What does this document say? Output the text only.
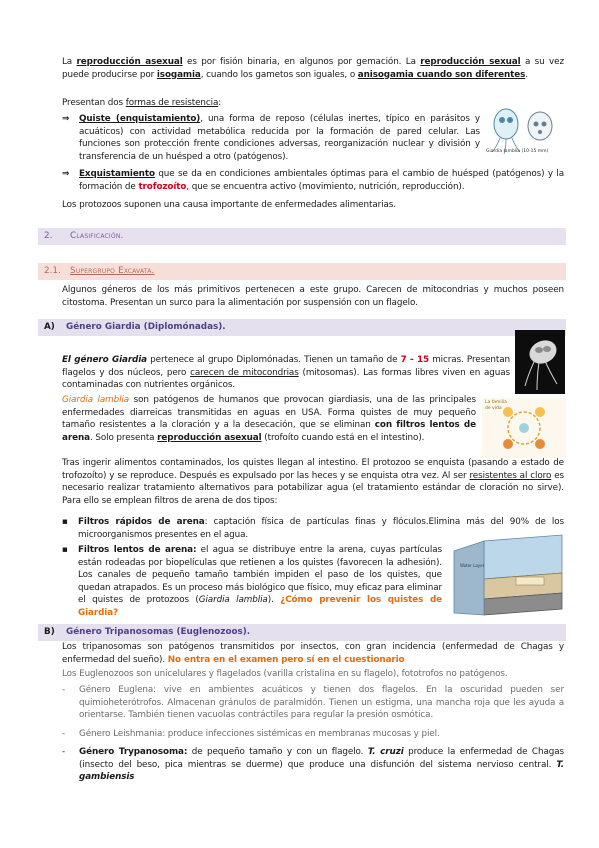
La reproducción asexual es por fisión binaria, en algunos por gemación. La reproducción sexual a su vez puede producirse por isogamia, cuando los gametos son iguales, o anisogamia cuando son diferentes.

Presentan dos formas de resistencia:

⇒ Quiste (enquistamiento), una forma de reposo (células inertes, típico en parásitos y acuáticos) con actividad metabólica reducida por la formación de pared celular. Las funciones son protección frente condiciones adversas, reorganización nuclear y división y transferencia de un huésped a otro (patógenos).

Giardia lamblia (10-15 mm)
⇒ Exquistamiento que se da en condiciones ambientales óptimas para el cambio de huésped (patógenos) y la formación de trofozoíto, que se encuentra activo (movimiento, nutrición, reproducción).

Los protozoos suponen una causa importante de enfermedades alimentarias.

2. Clasificación.
2.1. Supergrupo Excavata.

Algunos géneros de los más primitivos pertenecen a este grupo. Carecen de mitocondrias y muchos poseen citostoma. Presentan un surco para la alimentación por suspensión con un flagelo.

A) Género Giardia (Diplomónadas).

El género Giardia pertenece al grupo Diplomónadas. Tienen un tamaño de 7 - 15 micras. Presentan flagelos y dos núcleos, pero carecen de mitocondrias (mitosomas). Las formas libres viven en aguas contaminadas con nutrientes orgánicos.

Giardia lamblia son patógenos de humanos que provocan giardiasis, una de las principales enfermedades diarreicas transmitidas en aguas en USA. Forma quistes de muy pequeño tamaño resistentes a la cloración y a la desecación, que se eliminan con filtros lentos de arena. Solo presenta reproducción asexual (trofoíto cuando está en el intestino).

La familia
de vida

Tras ingerir alimentos contaminados, los quistes llegan al intestino. El protozoo se enquista (pasando a estado de trofozoíto) y se reproduce. Después es expulsado por las heces y se enquista otra vez. Al ser resistentes al cloro es necesario realizar tratamiento alternativos para potabilizar agua (el tratamiento estándar de cloración no sirve). Para ello se emplean filtros de arena de dos tipos:

▪ Filtros rápidos de arena: captación física de partículas finas y flóculos.Elimina más del 90% de los microorganismos presentes en el agua.

▪ Filtros lentos de arena: el agua se distribuye entre la arena, cuyas partículas están rodeadas por biopelículas que retienen a los quistes (favorecen la adhesión). Los canales de pequeño tamaño también impiden el paso de los quistes, que quedan atrapados. Es un proceso más biológico que físico, muy eficaz para eliminar el quistes de protozoos (Giardia lamblia). ¿Cómo prevenir los quistes de Giardia?

Water Layer
B) Género Tripanosomas (Euglenozoos).

Los tripanosomas son patógenos transmitidos por insectos, con gran incidencia (enfermedad de Chagas y enfermedad del sueño). No entra en el examen pero sí en el cuestionario

Los Euglenozoos son unicelulares y flagelados (varilla cristalina en su flagelo), fototrofos no patógenos.

- Género Euglena: vive en ambientes acuáticos y tienen dos flagelos. En la oscuridad pueden ser quimioheterótrofos. Almacenan gránulos de paralmidón. Tienen un estigma, una mancha roja que les ayuda a orientarse. También tienen vacuolas contráctiles para regular la presión osmótica.

- Género Leishmania: produce infecciones sistémicas en membranas mucosas y piel.

- Género Trypanosoma: de pequeño tamaño y con un flagelo. T. cruzi produce la enfermedad de Chagas (insecto del beso, pica mientras se duerme) que produce una disfunción del sistema nervioso central. T. gambiensis
